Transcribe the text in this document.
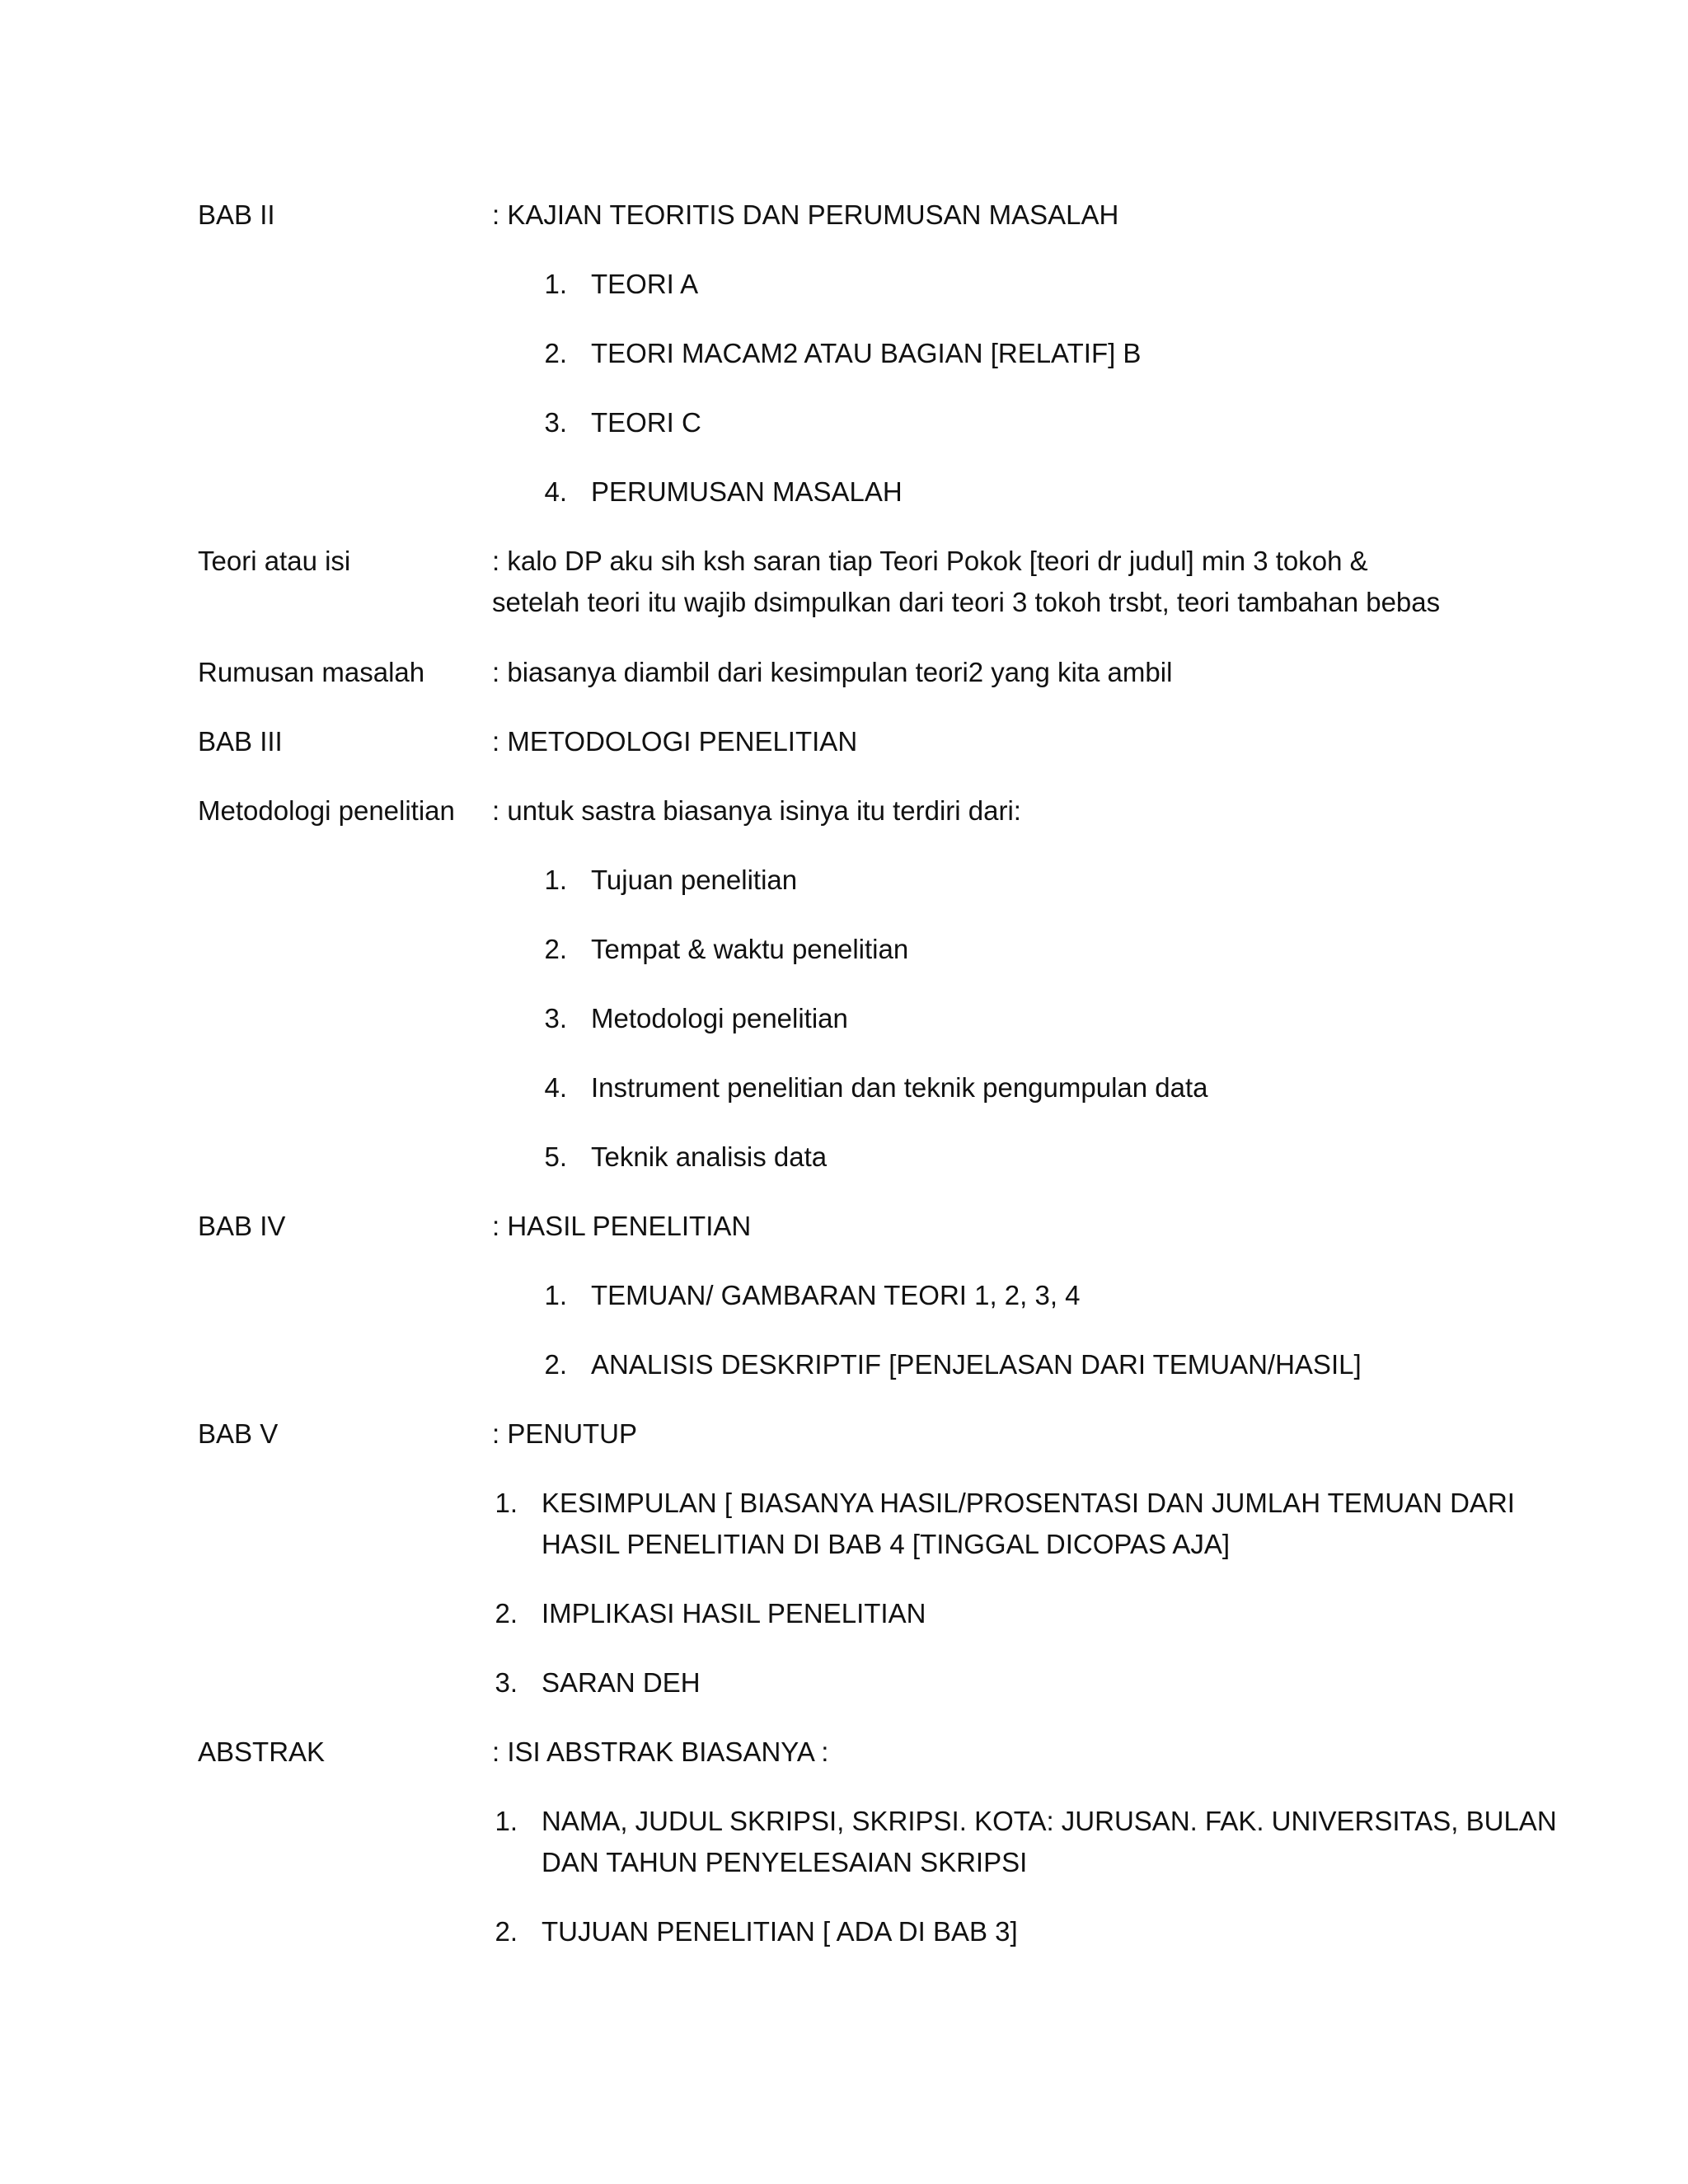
BAB II	: KAJIAN TEORITIS DAN PERUMUSAN MASALAH
1. TEORI A
2. TEORI MACAM2 ATAU BAGIAN [RELATIF] B
3. TEORI C
4. PERUMUSAN MASALAH
Teori atau isi	: kalo DP aku sih ksh saran tiap Teori Pokok [teori dr judul] min 3 tokoh &
setelah teori itu wajib dsimpulkan dari teori 3 tokoh trsbt, teori tambahan bebas
Rumusan masalah : biasanya diambil dari kesimpulan teori2 yang kita ambil
BAB III	: METODOLOGI PENELITIAN
Metodologi penelitian : untuk sastra biasanya isinya itu terdiri dari:
1. Tujuan penelitian
2. Tempat & waktu penelitian
3. Metodologi penelitian
4. Instrument penelitian dan teknik pengumpulan data
5. Teknik analisis data
BAB IV	: HASIL PENELITIAN
1. TEMUAN/ GAMBARAN TEORI 1, 2, 3, 4
2. ANALISIS DESKRIPTIF [PENJELASAN DARI TEMUAN/HASIL]
BAB V	: PENUTUP
1. KESIMPULAN [ BIASANYA HASIL/PROSENTASI DAN JUMLAH TEMUAN DARI
HASIL PENELITIAN DI BAB 4 [TINGGAL DICOPAS AJA]
2. IMPLIKASI HASIL PENELITIAN
3. SARAN DEH
ABSTRAK	: ISI ABSTRAK BIASANYA :
1. NAMA, JUDUL SKRIPSI, SKRIPSI. KOTA: JURUSAN. FAK. UNIVERSITAS, BULAN
DAN TAHUN PENYELESAIAN SKRIPSI
2. TUJUAN PENELITIAN [ ADA DI BAB 3]
